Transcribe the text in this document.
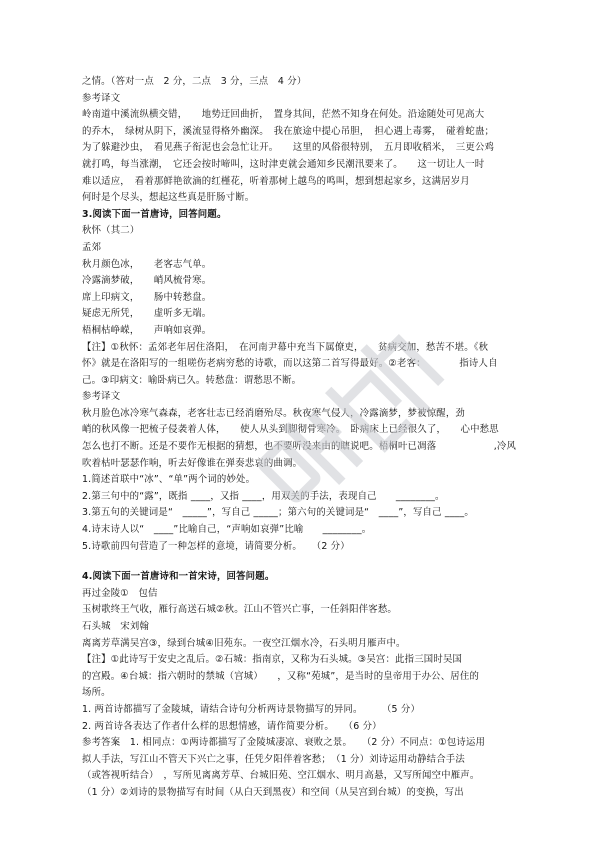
之情。（答对一点　2 分，二点　3 分，三点　4 分）
参考译文
岭南道中溪流纵横交错，　　地势迂回曲折，　置身其间，茫然不知身在何处。沿途随处可见高大
的乔木，　绿树从阴下，溪流显得格外幽深。　我在旅途中提心吊胆，　担心遇上毒雾，　碰着蛇蛊；
为了躲避沙虫，　看见燕子衔泥也会急忙让开。　　这里的风俗很特别，　五月即收稻米，　三更公鸡
就打鸣，每当涨潮，　它还会按时啼叫，这时津吏就会通知乡民潮汛要来了。　　这一切让人一时
难以适应，　看着那鲜艳欲滴的红槿花，听着那树上越鸟的鸣叫，想到想起家乡，这满居岁月
何时是个尽头，想起这些真是肝肠寸断。
3.阅读下面一首唐诗，回答问题。
秋怀（其二）
孟郊
秋月颜色冰，　　老客志气单。
冷露滴梦破，　　峭风梳骨寒。
席上印病文，　　肠中转愁盘。
疑虑无所凭，　　虚听多无端。
梧桐枯峥嵘，　　声响如哀弹。
【注】①秋怀：孟郊老年居住洛阳，　在河南尹幕中充当下属僚吏，　　贫病交加，愁苦不堪。《秋
怀》就是在洛阳写的一组嗟伤老病穷愁的诗歌，而以这第二首写得最好。②老客：　　　　指诗人自
己。③印病文：喻卧病已久。转愁盘：谓愁思不断。
参考译文
秋月脸色冰冷寒气森森，老客壮志已经消磨殆尽。秋夜寒气侵人，冷露滴梦，梦被惊醒，劲
峭的秋风像一把梳子侵袭着人体，　　使人从头到脚彻骨寒冷。　卧病床上已经很久了，　　心中愁思
怎么也打不断。还是不要作无根据的猜想，也不要听没来由的瞎说吧。梧桐叶已凋落　　　　　　,冷风
吹着枯叶瑟瑟作响，听去好像谁在弹奏悲哀的曲调。
1.简述首联中“冰”、“单”两个词的妙处。
2.第三句中的“露”，既指 ____，又指 ____，用双关的手法，表现自己　　________。
3.第五句的关键词是“　_____”，写自己 _____；第六句的关键词是“　____”，写自己 ____。
4.诗末诗人以“　____”比喻自己，“声响如哀弹”比喻　　________。
5.诗歌前四句营造了一种怎样的意境，请简要分析。　　（2 分）
4.阅读下面一首唐诗和一首宋诗，回答问题。
再过金陵①　包佶
玉树歌终王气收，雁行高送石城②秋。江山不管兴亡事，一任斜阳伴客愁。
石头城　宋刘翰
离离芳草满吴宫③，绿到台城④旧苑东。一夜空江烟水冷，石头明月雁声中。
【注】①此诗写于安史之乱后。②石城：指南京，又称为石头城。③吴宫：此指三国时吴国
的宫殿。④台城：指六朝时的禁城（宫城）　　，又称“苑城”，是当时的皇帝用于办公、居住的
场所。
1. 两首诗都描写了金陵城，请结合诗句分析两诗景物描写的异同。　　　（5 分）
2. 两首诗各表达了作者什么样的思想情感，请作简要分析。　　（6 分）
参考答案　1. 相同点：①两诗都描写了金陵城凄凉、衰败之景。　　（2 分）不同点：①包诗运用
拟人手法，写江山不管天下兴亡之事，任凭夕阳伴着客愁；　（1 分）刘诗运用动静结合手法
（或答视听结合）　，写所见离离芳草、台城旧苑、空江烟水、明月高悬，又写所闻空中雁声。
（1 分）②刘诗的景物描写有时间（从白天到黑夜）和空间（从吴宫到台城）的变换，写出
